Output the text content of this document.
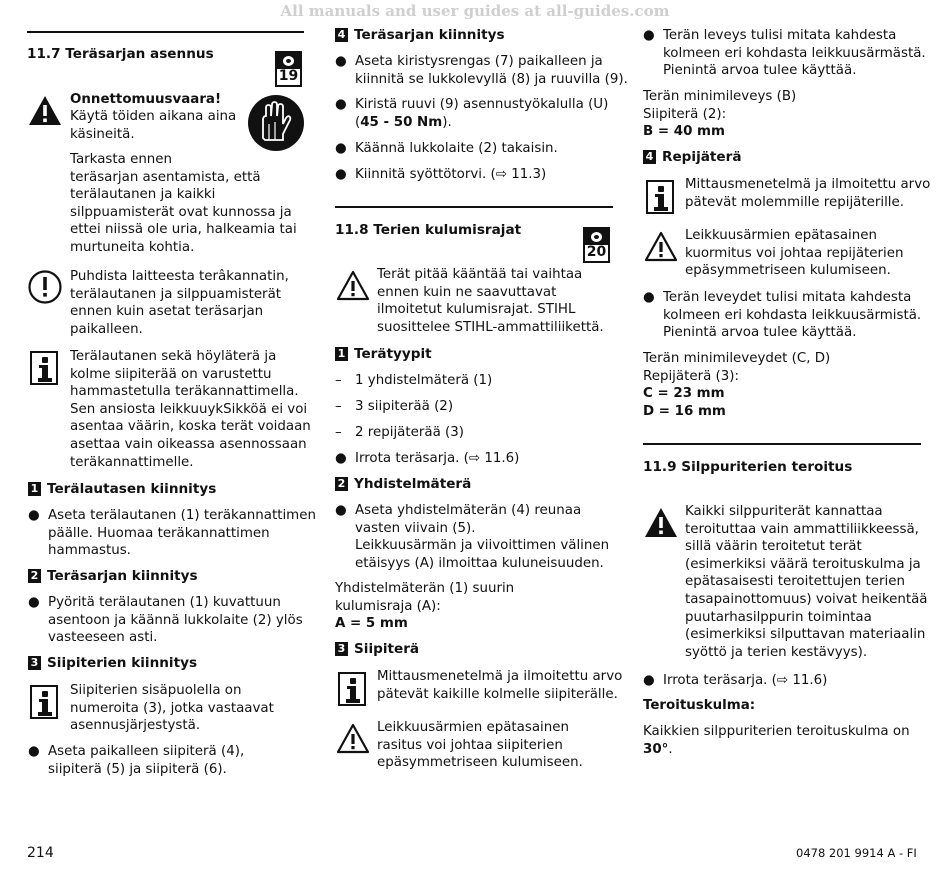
All manuals and user guides at all-guides.com
11.7 Teräsarjan asennus
19
Onnettomuusvaara!
Käytä töiden aikana aina
käsineitä.
Tarkasta ennen
teräsarjan asentamista, että
terälautanen ja kaikki
silppuamisterät ovat kunnossa ja
ettei niissä ole uria, halkeamia tai
murtuneita kohtia.
Puhdista laitteesta terâkannatin,
terälautanen ja silppuamisterät
ennen kuin asetat teräsarjan
paikalleen.
Terälautanen sekä höyläterä ja
kolme siipiterää on varustettu
hammastetulla teräkannattimella.
Sen ansiosta leikkuuykSikköä ei voi
asentaa väärin, koska terät voidaan
asettaa vain oikeassa asennossaan
teräkannattimelle.
1 Terälautasen kiinnitys
● Aseta terälautanen (1) teräkannattimen
päälle. Huomaa teräkannattimen
hammastus.
2 Teräsarjan kiinnitys
● Pyöritä terälautanen (1) kuvattuun
asentoon ja käännä lukkolaite (2) ylös
vasteeseen asti.
3 Siipiterien kiinnitys
Siipiterien sisäpuolella on
numeroita (3), jotka vastaavat
asennusjärjestystä.
● Aseta paikalleen siipiterä (4),
siipiterä (5) ja siipiterä (6).
4 Teräsarjan kiinnitys
● Aseta kiristysrengas (7) paikalleen ja
kiinnitä se lukkolevyllä (8) ja ruuvilla (9).
● Kiristä ruuvi (9) asennustyökalulla (U)
(45 - 50 Nm).
● Käännä lukkolaite (2) takaisin.
● Kiinnitä syöttötorvi. (⇨ 11.3)
11.8 Terien kulumisrajat
20
Terät pitää kääntää tai vaihtaa
ennen kuin ne saavuttavat
ilmoitetut kulumisrajat. STIHL
suosittelee STIHL-ammattiliikettä.
1 Terätyypit
– 1 yhdistelmäterä (1)
– 3 siipiterää (2)
– 2 repijäterää (3)
● Irrota teräsarja. (⇨ 11.6)
2 Yhdistelmäterä
● Aseta yhdistelmäterän (4) reunaa
vasten viivain (5).
Leikkuusärmän ja viivoittimen välinen
etäisyys (A) ilmoittaa kuluneisuuden.
Yhdistelmäterän (1) suurin
kulumisraja (A):
A = 5 mm
3 Siipiterä
Mittausmenetelmä ja ilmoitettu arvo
pätevät kaikille kolmelle siipiterälle.
Leikkuusärmien epätasainen
rasitus voi johtaa siipiterien
epäsymmetriseen kulumiseen.
● Terän leveys tulisi mitata kahdesta
kolmeen eri kohdasta leikkuusärmästä.
Pienintä arvoa tulee käyttää.
Terän minimileveys (B)
Siipiterä (2):
B = 40 mm
4 Repijäterä
Mittausmenetelmä ja ilmoitettu arvo
pätevät molemmille repijäterille.
Leikkuusärmien epätasainen
kuormitus voi johtaa repijäterien
epäsymmetriseen kulumiseen.
● Terän leveydet tulisi mitata kahdesta
kolmeen eri kohdasta leikkuusärmistä.
Pienintä arvoa tulee käyttää.
Terän minimileveydet (C, D)
Repijäterä (3):
C = 23 mm
D = 16 mm
11.9 Silppuriterien teroitus
Kaikki silppuriterät kannattaa
teroituttaa vain ammattiliikkeessä,
sillä väärin teroitetut terät
(esimerkiksi väärä teroituskulma ja
epätasaisesti teroitettujen terien
tasapainottomuus) voivat heikentää
puutarhasilppurin toimintaa
(esimerkiksi silputtavan materiaalin
syöttö ja terien kestävyys).
● Irrota teräsarja. (⇨ 11.6)
Teroituskulma:
Kaikkien silppuriterien teroituskulma on
30°.
214	0478 201 9914 A - FI
